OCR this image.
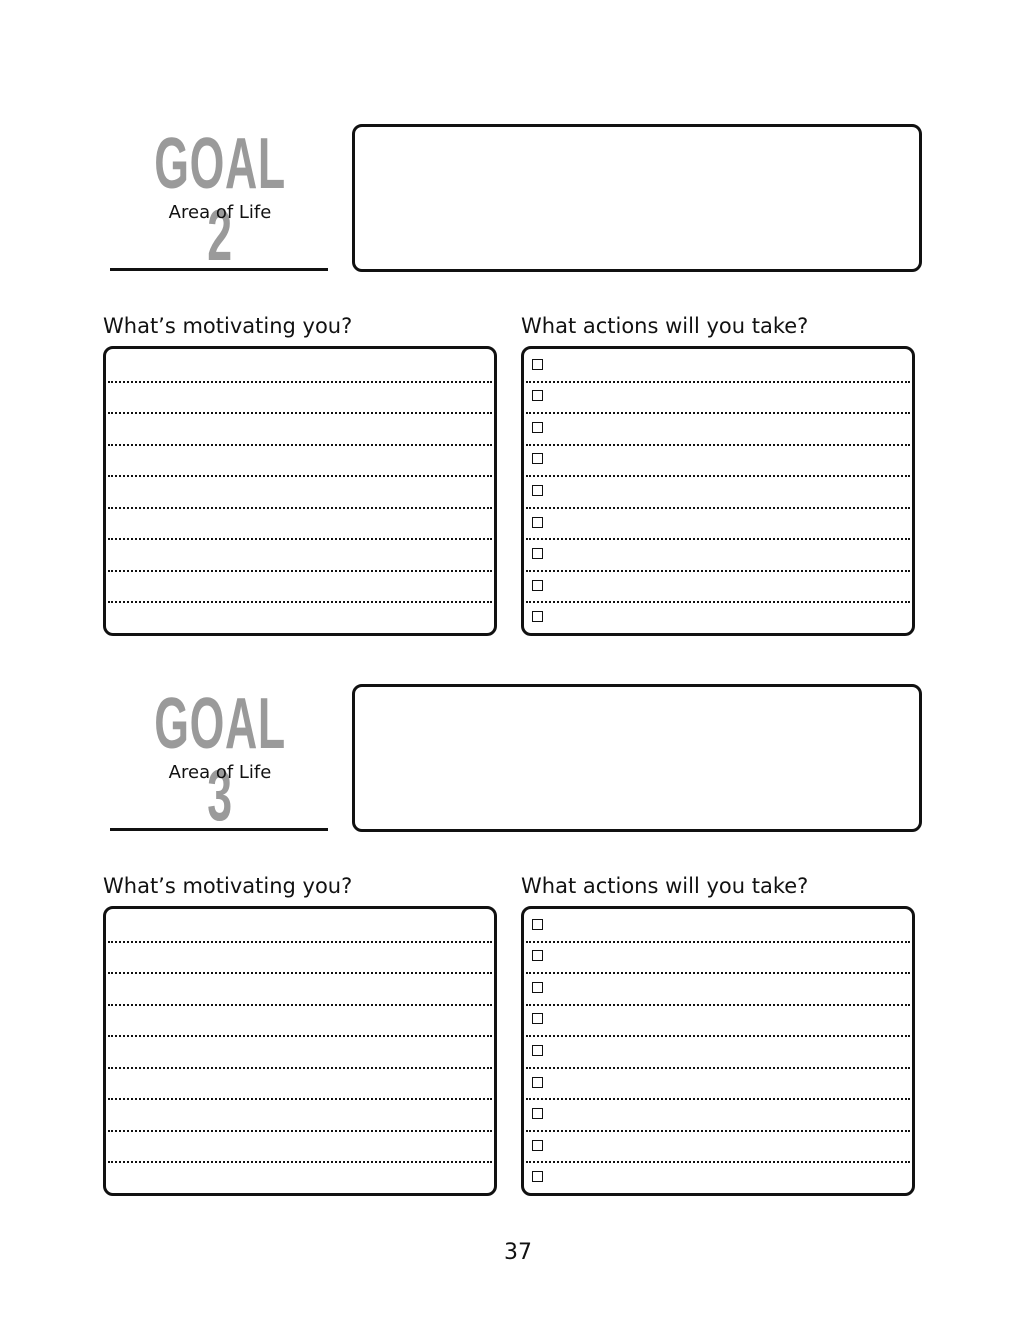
GOAL 2
Area of Life
What’s motivating you?	What actions will you take?
GOAL 3
Area of Life
What’s motivating you?	What actions will you take?
37
